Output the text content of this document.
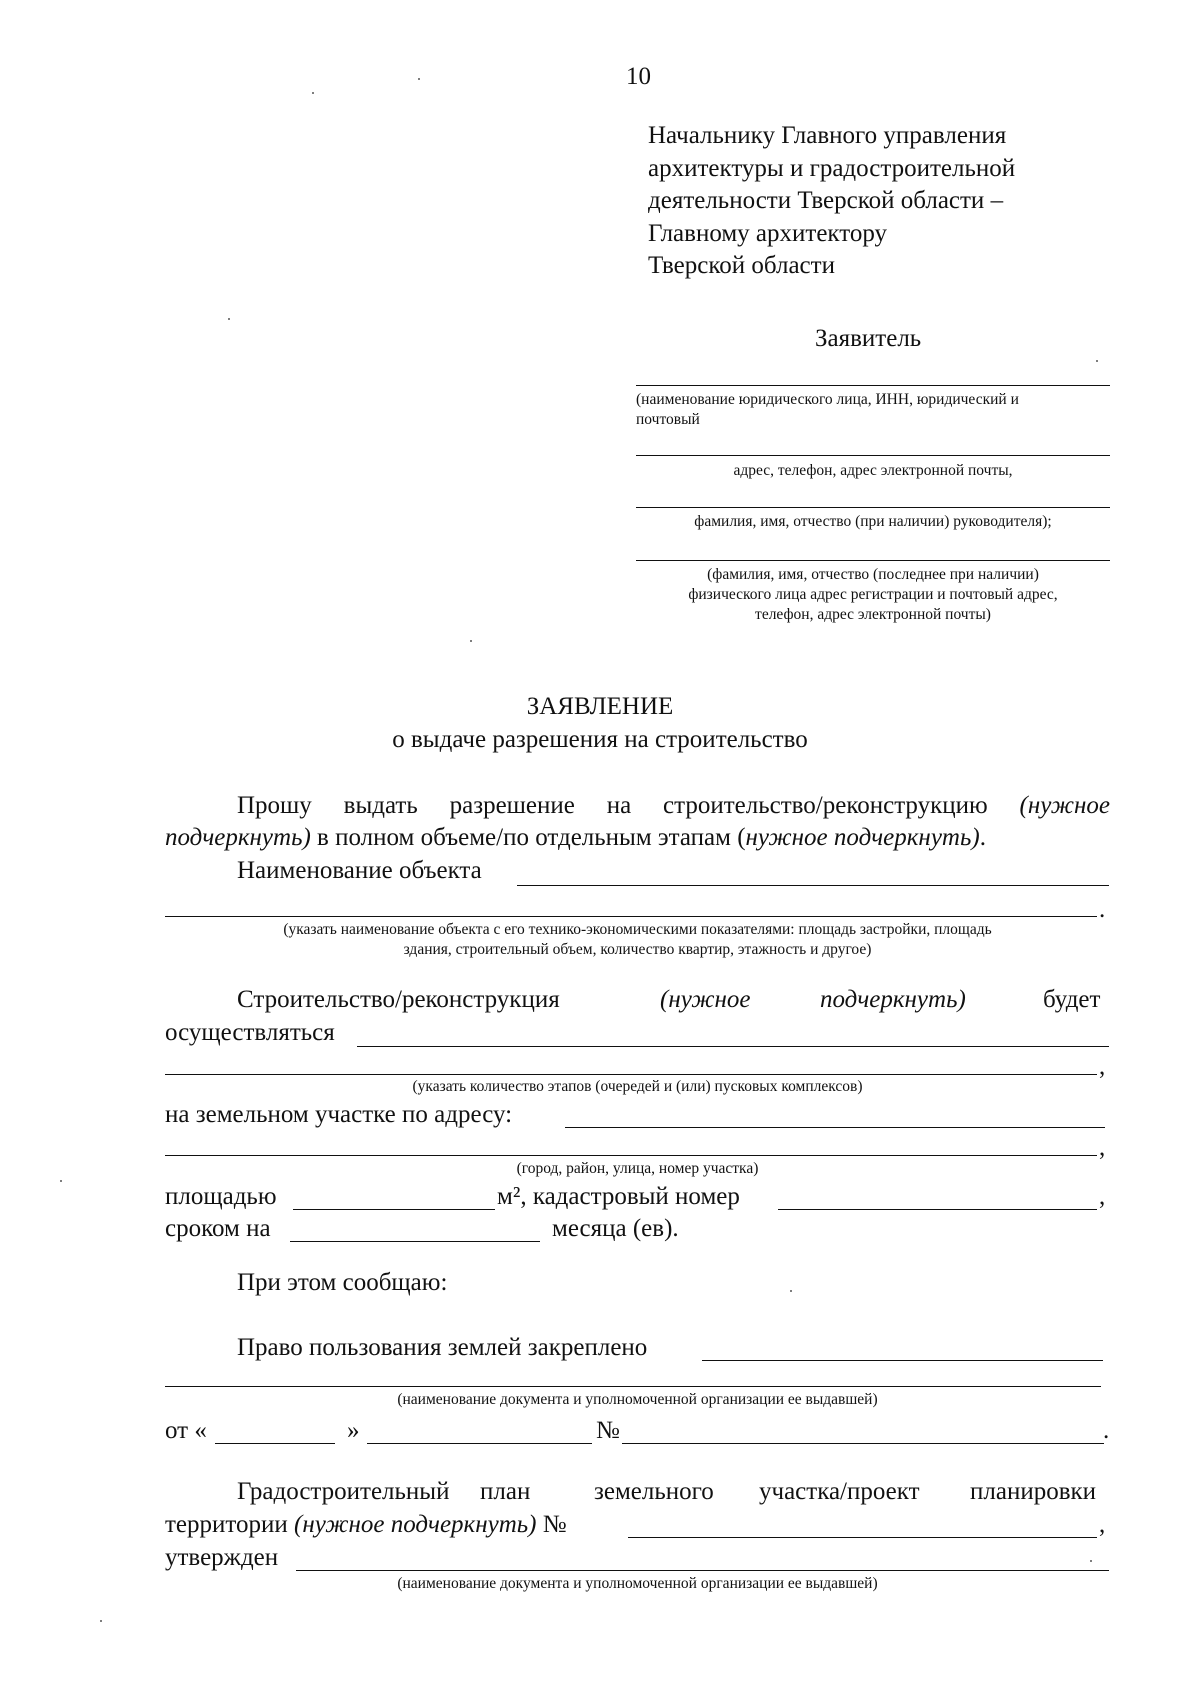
10
Начальнику Главного управления
архитектуры и градостроительной
деятельности Тверской области –
Главному архитектору
Тверской области
Заявитель
(наименование юридического лица, ИНН, юридический и
почтовый
адрес, телефон, адрес электронной почты,
фамилия, имя, отчество (при наличии) руководителя);
(фамилия, имя, отчество (последнее при наличии)
физического лица адрес регистрации и почтовый адрес,
телефон, адрес электронной почты)
ЗАЯВЛЕНИЕ
о выдаче разрешения на строительство
Прошу выдать разрешение на строительство/реконструкцию (нужное
подчеркнуть) в полном объеме/по отдельным этапам (нужное подчеркнуть).
Наименование объекта
.
(указать наименование объекта с его технико-экономическими показателями: площадь застройки, площадь
здания, строительный объем, количество квартир, этажность и другое)
Строительство/реконструкция	(нужное	подчеркнуть)	будет
осуществляться
,
(указать количество этапов (очередей и (или) пусковых комплексов)
на земельном участке по адресу:
,
(город, район, улица, номер участка)
площадью	м², кадастровый номер	,
сроком на	месяца (ев).
При этом сообщаю:
Право пользования землей закреплено
(наименование документа и уполномоченной организации ее выдавшей)
от «	»	№	.
Градостроительный план	земельного участка/проект планировки
территории (нужное подчеркнуть) №	,
утвержден
(наименование документа и уполномоченной организации ее выдавшей)
